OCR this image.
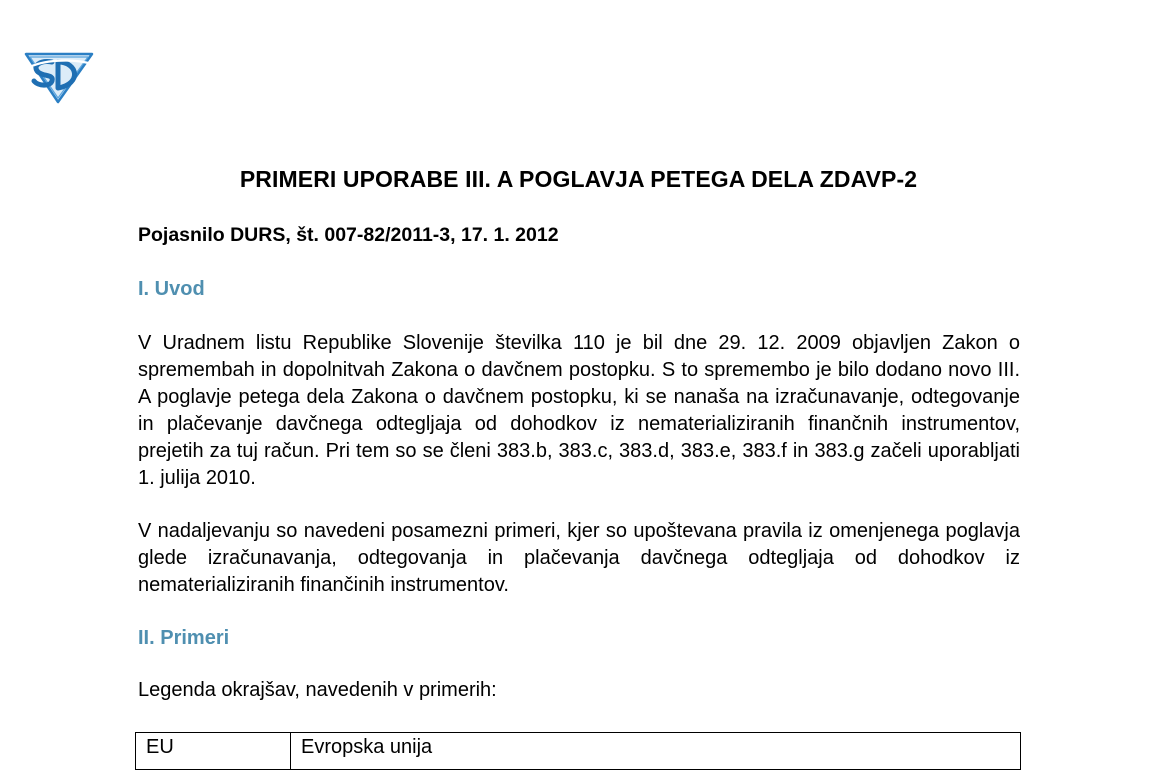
PRIMERI UPORABE III. A POGLAVJA PETEGA DELA ZDAVP-2

Pojasnilo DURS, št. 007-82/2011-3, 17. 1. 2012

I. Uvod

V Uradnem listu Republike Slovenije številka 110 je bil dne 29. 12. 2009 objavljen Zakon o spremembah in dopolnitvah Zakona o davčnem postopku. S to spremembo je bilo dodano novo III. A poglavje petega dela Zakona o davčnem postopku, ki se nanaša na izračunavanje, odtegovanje in plačevanje davčnega odtegljaja od dohodkov iz nematerializiranih finančnih instrumentov, prejetih za tuj račun. Pri tem so se členi 383.b, 383.c, 383.d, 383.e, 383.f in 383.g začeli uporabljati 1. julija 2010.

V nadaljevanju so navedeni posamezni primeri, kjer so upoštevana pravila iz omenjenega poglavja glede izračunavanja, odtegovanja in plačevanja davčnega odtegljaja od dohodkov iz nematerializiranih finančinih instrumentov.

II. Primeri

Legenda okrajšav, navedenih v primerih:

EU	Evropska unija
